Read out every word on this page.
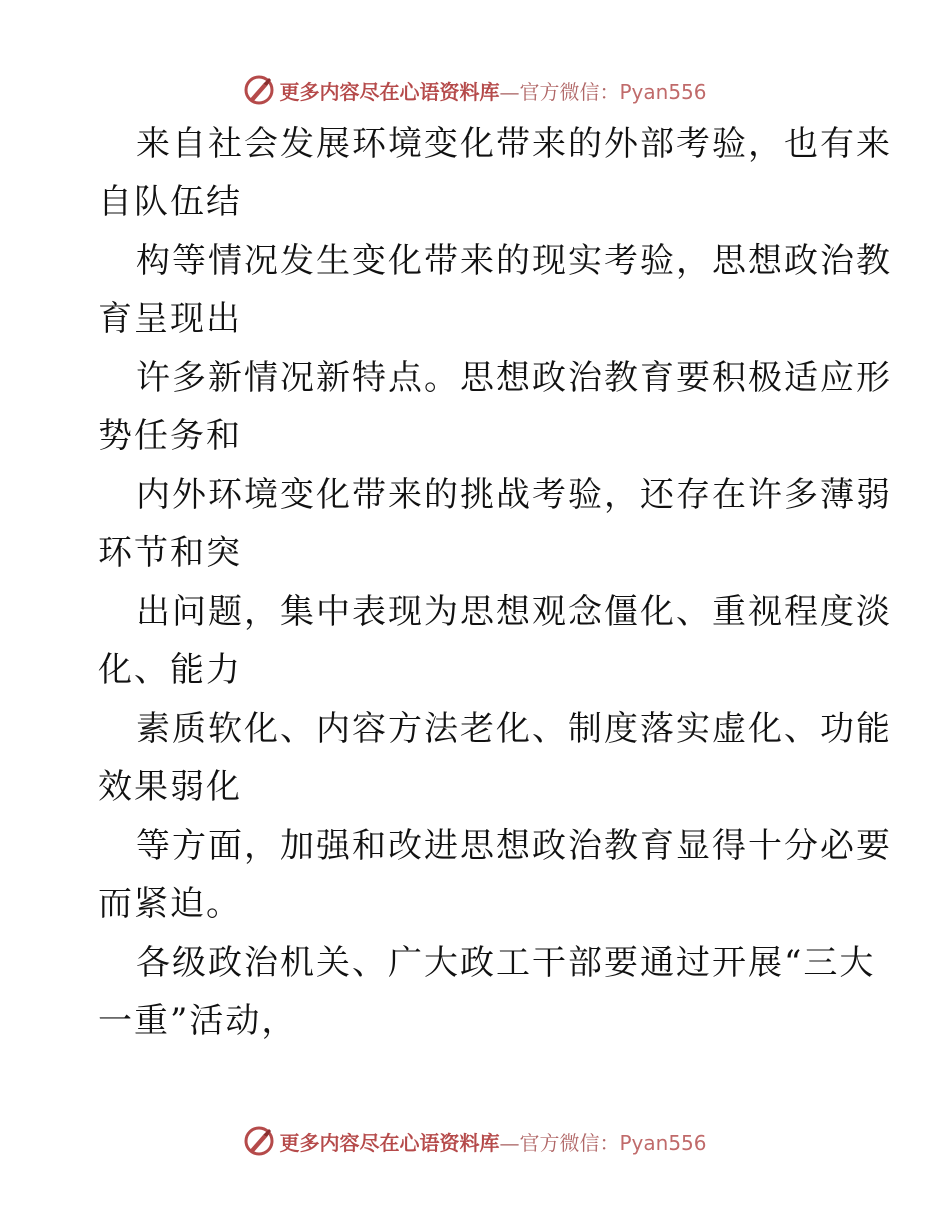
更多内容尽在心语资料库—官方微信：Pyan556
来自社会发展环境变化带来的外部考验，也有来
自队伍结
构等情况发生变化带来的现实考验，思想政治教
育呈现出
许多新情况新特点。思想政治教育要积极适应形
势任务和
内外环境变化带来的挑战考验，还存在许多薄弱
环节和突
出问题，集中表现为思想观念僵化、重视程度淡
化、能力
素质软化、内容方法老化、制度落实虚化、功能
效果弱化
等方面，加强和改进思想政治教育显得十分必要
而紧迫。
各级政治机关、广大政工干部要通过开展“三大
一重”活动，
更多内容尽在心语资料库—官方微信：Pyan556
